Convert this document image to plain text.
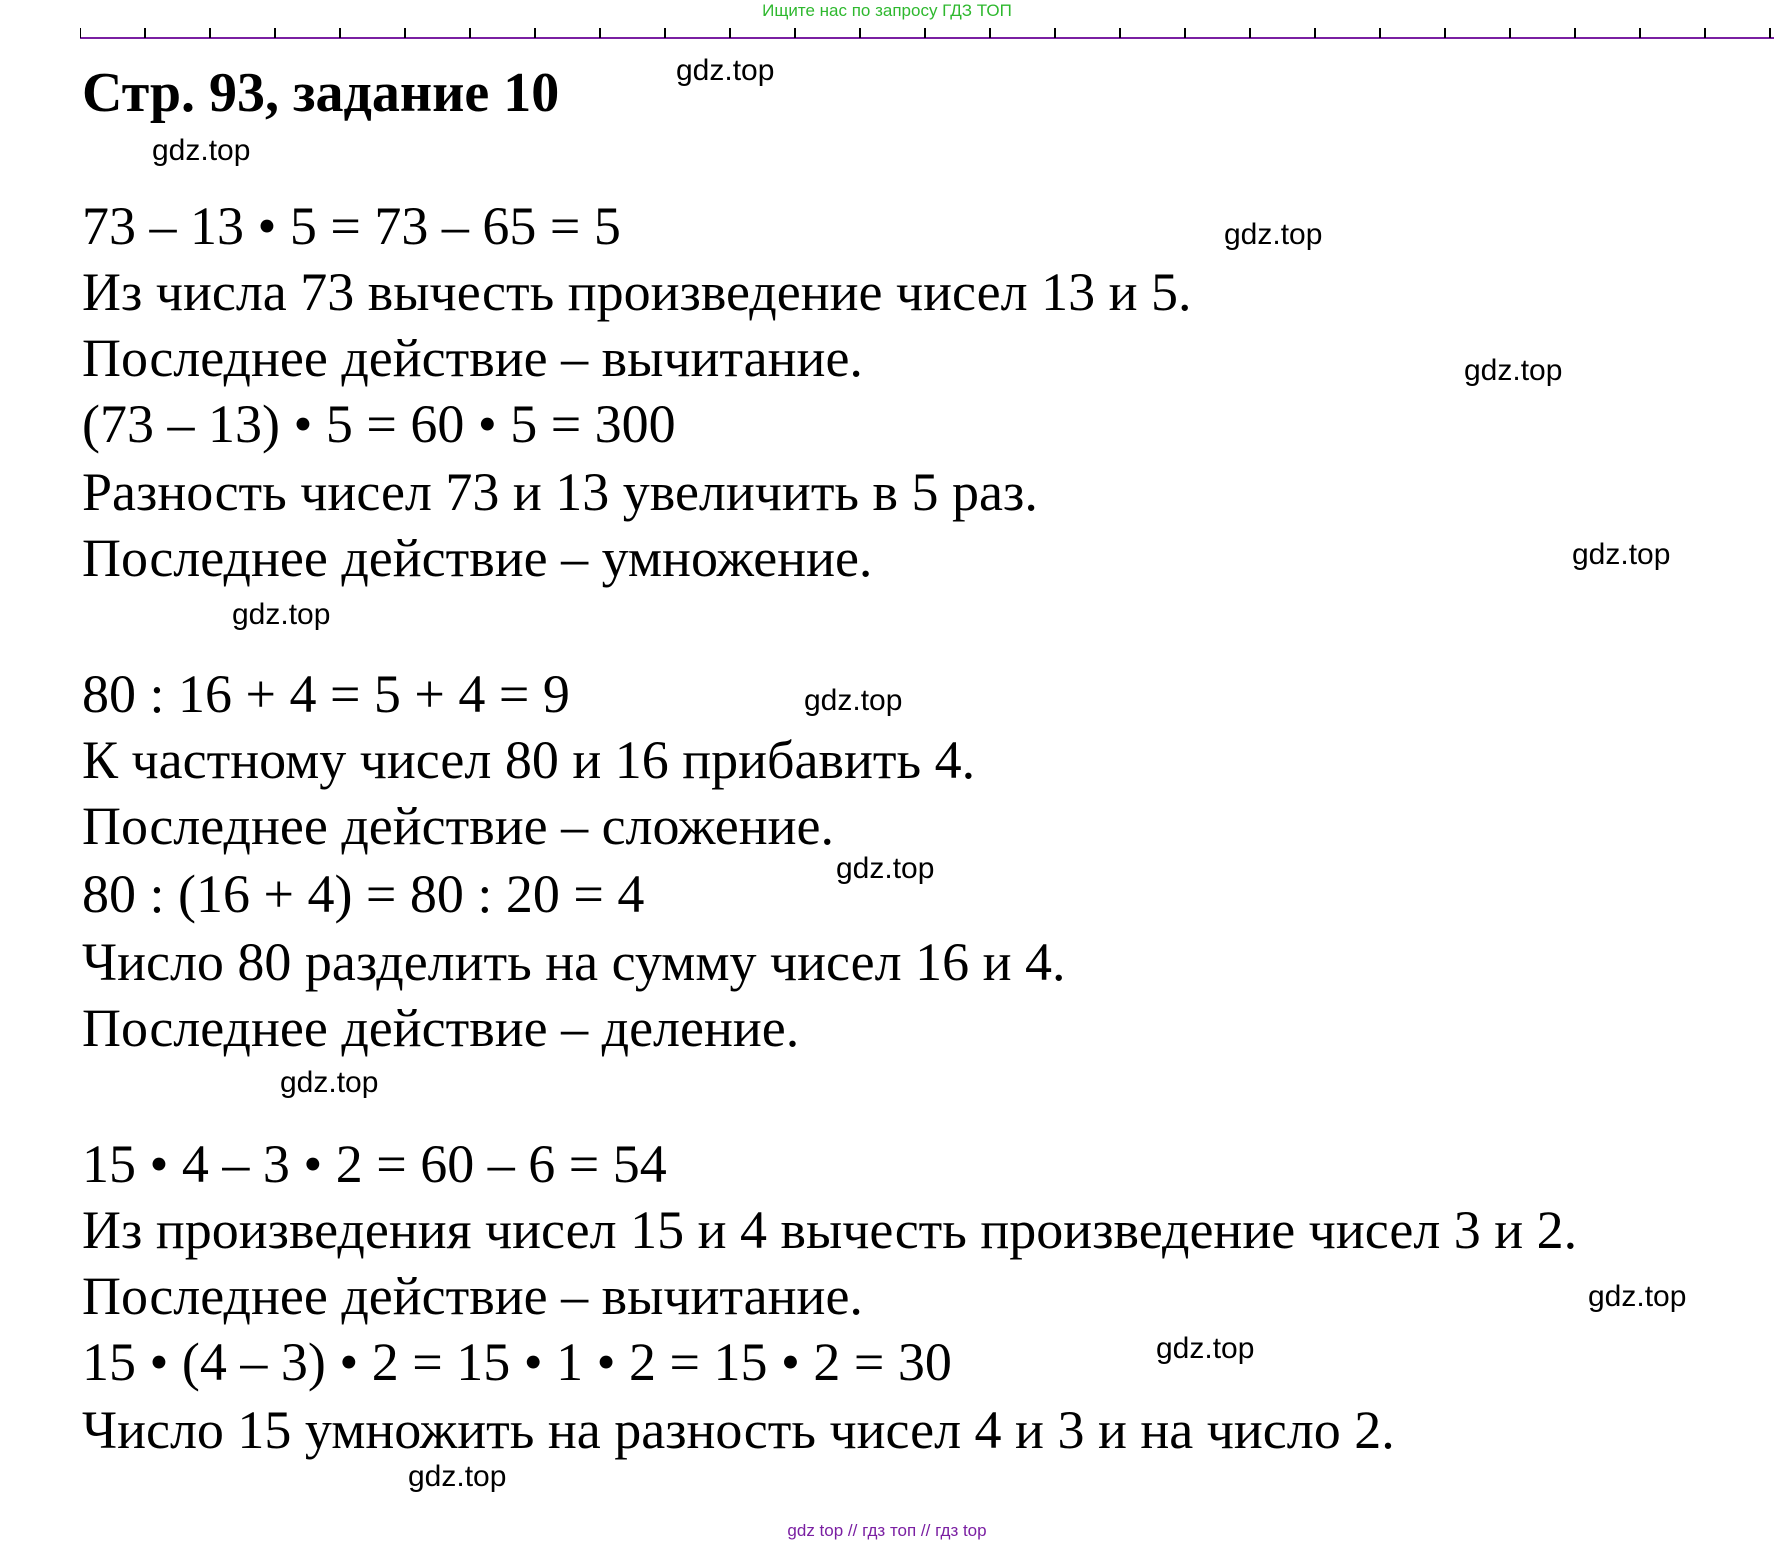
Ищите нас по запросу ГДЗ ТОП
Стр. 93, задание 10	gdz.top
gdz.top
gdz.top
gdz.top
gdz.top
gdz.top
gdz.top
gdz.top
gdz.top
gdz.top
gdz.top
gdz.top
73 – 13 • 5 = 73 – 65 = 5
Из числа 73 вычесть произведение чисел 13 и 5.
Последнее действие – вычитание.
(73 – 13) • 5 = 60 • 5 = 300
Разность чисел 73 и 13 увеличить в 5 раз.
Последнее действие – умножение.
80 : 16 + 4 = 5 + 4 = 9
К частному чисел 80 и 16 прибавить 4.
Последнее действие – сложение.
80 : (16 + 4) = 80 : 20 = 4
Число 80 разделить на сумму чисел 16 и 4.
Последнее действие – деление.
15 • 4 – 3 • 2 = 60 – 6 = 54
Из произведения чисел 15 и 4 вычесть произведение чисел 3 и 2.
Последнее действие – вычитание.
15 • (4 – 3) • 2 = 15 • 1 • 2 = 15 • 2 = 30
Число 15 умножить на разность чисел 4 и 3 и на число 2.
gdz top // гдз топ // гдз top
